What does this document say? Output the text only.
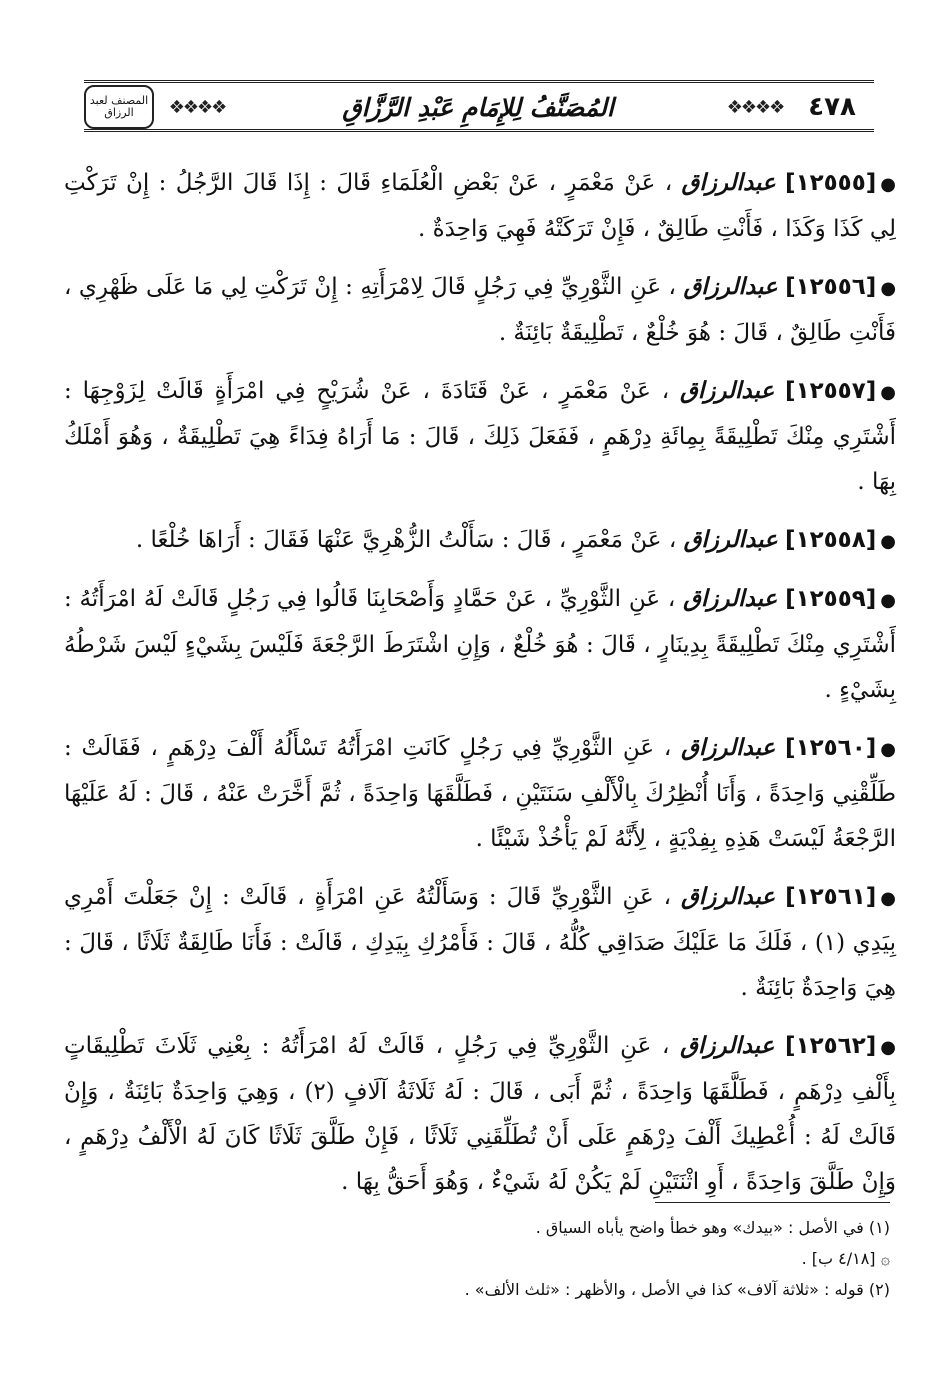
المصنف لعبد الرزاق	❖❖❖❖	المُصَنَّفُ لِلإِمَامِ عَبْدِ الرَّزَّاقِ	❖❖❖❖ ٤٧٨

●[١٢٥٥٥] عبدالرزاق ، عَنْ مَعْمَرٍ ، عَنْ بَعْضِ الْعُلَمَاءِ قَالَ : إِذَا قَالَ الرَّجُلُ : إِنْ تَرَكْتِ لِي كَذَا وَكَذَا ، فَأَنْتِ طَالِقٌ ، فَإِنْ تَرَكَتْهُ فَهِيَ وَاحِدَةٌ .

●[١٢٥٥٦] عبدالرزاق ، عَنِ الثَّوْرِيِّ فِي رَجُلٍ قَالَ لِامْرَأَتِهِ : إِنْ تَرَكْتِ لِي مَا عَلَى ظَهْرِي ، فَأَنْتِ طَالِقٌ ، قَالَ : هُوَ خُلْعٌ ، تَطْلِيقَةٌ بَائِنَةٌ .

●[١٢٥٥٧] عبدالرزاق ، عَنْ مَعْمَرٍ ، عَنْ قَتَادَةَ ، عَنْ شُرَيْحٍ فِي امْرَأَةٍ قَالَتْ لِزَوْجِهَا : أَشْتَرِي مِنْكَ تَطْلِيقَةً بِمِائَةِ دِرْهَمٍ ، فَفَعَلَ ذَلِكَ ، قَالَ : مَا أَرَاهُ فِدَاءً هِيَ تَطْلِيقَةٌ ، وَهُوَ أَمْلَكُ بِهَا .

●[١٢٥٥٨] عبدالرزاق ، عَنْ مَعْمَرٍ ، قَالَ : سَأَلْتُ الزُّهْرِيَّ عَنْهَا فَقَالَ : أَرَاهَا خُلْعًا .

●[١٢٥٥٩] عبدالرزاق ، عَنِ الثَّوْرِيِّ ، عَنْ حَمَّادٍ وَأَصْحَابِنَا قَالُوا فِي رَجُلٍ قَالَتْ لَهُ امْرَأَتُهُ : أَشْتَرِي مِنْكَ تَطْلِيقَةً بِدِينَارٍ ، قَالَ : هُوَ خُلْعٌ ، وَإِنِ اشْتَرَطَ الرَّجْعَةَ فَلَيْسَ بِشَيْءٍ لَيْسَ شَرْطُهُ بِشَيْءٍ .

●[١٢٥٦٠] عبدالرزاق ، عَنِ الثَّوْرِيِّ فِي رَجُلٍ كَانَتِ امْرَأَتُهُ تَسْأَلُهُ أَلْفَ دِرْهَمٍ ، فَقَالَتْ : طَلِّقْنِي وَاحِدَةً ، وَأَنَا أُنْظِرُكَ بِالْأَلْفِ سَنَتَيْنِ ، فَطَلَّقَهَا وَاحِدَةً ، ثُمَّ أَخَّرَتْ عَنْهُ ، قَالَ : لَهُ عَلَيْهَا الرَّجْعَةُ لَيْسَتْ هَذِهِ بِفِدْيَةٍ ، لِأَنَّهُ لَمْ يَأْخُذْ شَيْئًا .

●[١٢٥٦١] عبدالرزاق ، عَنِ الثَّوْرِيِّ قَالَ : وَسَأَلْتُهُ عَنِ امْرَأَةٍ ، قَالَتْ : إِنْ جَعَلْتَ أَمْرِي بِيَدِي (١) ، فَلَكَ مَا عَلَيْكَ صَدَاقِي كُلُّهُ ، قَالَ : فَأَمْرُكِ بِيَدِكِ ، قَالَتْ : فَأَنَا طَالِقَةٌ ثَلَاثًا ، قَالَ : هِيَ وَاحِدَةٌ بَائِنَةٌ .

●[١٢٥٦٢] عبدالرزاق ، عَنِ الثَّوْرِيِّ فِي رَجُلٍ ، قَالَتْ لَهُ امْرَأَتُهُ : بِعْنِي ثَلَاثَ تَطْلِيقَاتٍ بِأَلْفِ دِرْهَمٍ ، فَطَلَّقَهَا وَاحِدَةً ، ثُمَّ أَبَى ، قَالَ : لَهُ ثَلَاثَةُ آلَافٍ (٢) ، وَهِيَ وَاحِدَةٌ بَائِنَةٌ ، وَإِنْ قَالَتْ لَهُ : أُعْطِيكَ أَلْفَ دِرْهَمٍ عَلَى أَنْ تُطَلِّقَنِي ثَلَاثًا ، فَإِنْ طَلَّقَ ثَلَاثًا كَانَ لَهُ الْأَلْفُ دِرْهَمٍ ، وَإِنْ طَلَّقَ وَاحِدَةً ، أَوِ اثْنَتَيْنِ لَمْ يَكُنْ لَهُ شَيْءٌ ، وَهُوَ أَحَقُّ بِهَا .

(١) في الأصل : «بيدك» وهو خطأ واضح يأباه السياق .

۞ [٤/١٨ ب] .

(٢) قوله : «ثلاثة آلاف» كذا في الأصل ، والأظهر : «ثلث الألف» .
